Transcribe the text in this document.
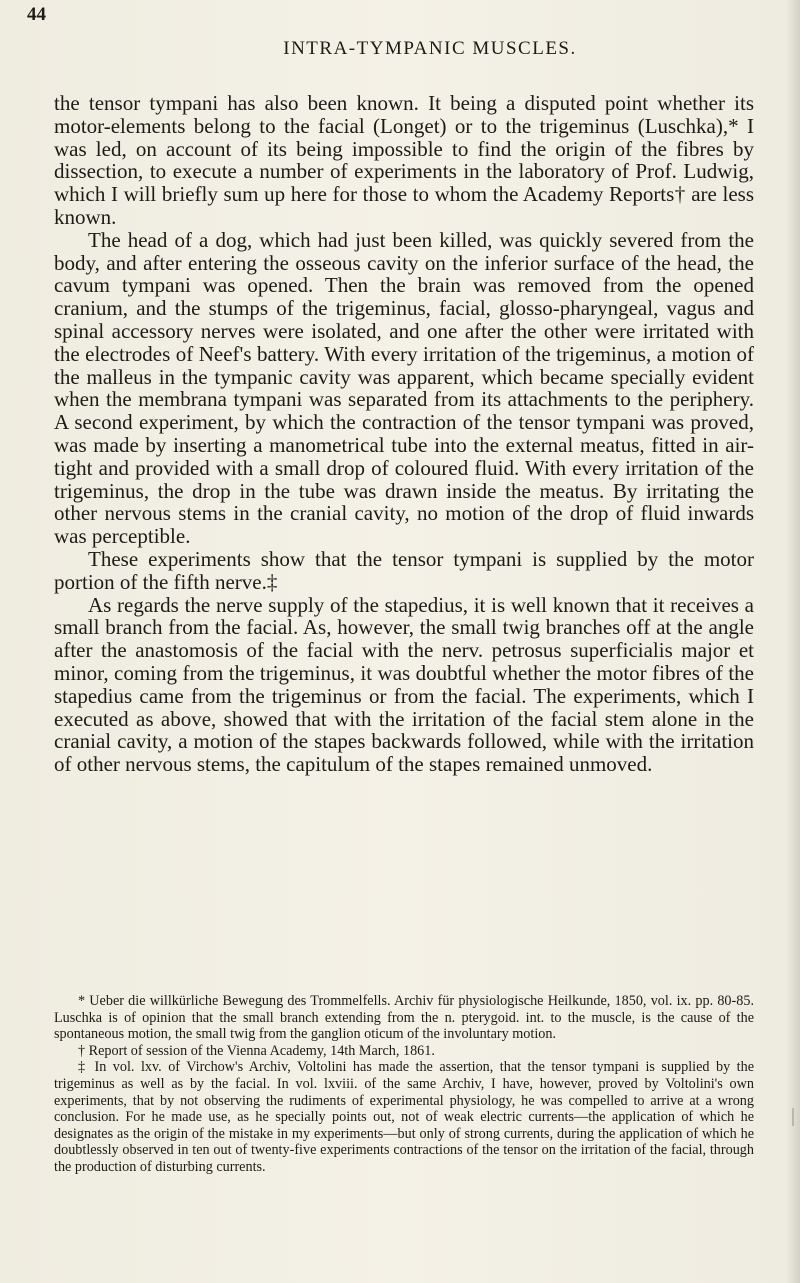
44
INTRA-TYMPANIC MUSCLES.

the tensor tympani has also been known. It being a disputed point whether its motor-elements belong to the facial (Longet) or to the trigeminus (Luschka),* I was led, on account of its being impossible to find the origin of the fibres by dissection, to execute a number of experiments in the laboratory of Prof. Ludwig, which I will briefly sum up here for those to whom the Academy Reports† are less known.

The head of a dog, which had just been killed, was quickly severed from the body, and after entering the osseous cavity on the inferior surface of the head, the cavum tympani was opened. Then the brain was removed from the opened cranium, and the stumps of the trigeminus, facial, glosso-pharyngeal, vagus and spinal accessory nerves were isolated, and one after the other were irritated with the electrodes of Neef's battery. With every irritation of the trigeminus, a motion of the malleus in the tympanic cavity was apparent, which became specially evident when the membrana tympani was separated from its attachments to the periphery. A second experiment, by which the contraction of the tensor tympani was proved, was made by inserting a manometrical tube into the external meatus, fitted in air-tight and provided with a small drop of coloured fluid. With every irritation of the trigeminus, the drop in the tube was drawn inside the meatus. By irritating the other nervous stems in the cranial cavity, no motion of the drop of fluid inwards was perceptible.

These experiments show that the tensor tympani is supplied by the motor portion of the fifth nerve.‡

As regards the nerve supply of the stapedius, it is well known that it receives a small branch from the facial. As, however, the small twig branches off at the angle after the anastomosis of the facial with the nerv. petrosus superficialis major et minor, coming from the trigeminus, it was doubtful whether the motor fibres of the stapedius came from the trigeminus or from the facial. The experiments, which I executed as above, showed that with the irritation of the facial stem alone in the cranial cavity, a motion of the stapes backwards followed, while with the irritation of other nervous stems, the capitulum of the stapes remained unmoved.

* Ueber die willkürliche Bewegung des Trommelfells. Archiv für physiologische Heilkunde, 1850, vol. ix. pp. 80-85. Luschka is of opinion that the small branch extending from the n. pterygoid. int. to the muscle, is the cause of the spontaneous motion, the small twig from the ganglion oticum of the involuntary motion.

† Report of session of the Vienna Academy, 14th March, 1861.

‡ In vol. lxv. of Virchow's Archiv, Voltolini has made the assertion, that the tensor tympani is supplied by the trigeminus as well as by the facial. In vol. lxviii. of the same Archiv, I have, however, proved by Voltolini's own experiments, that by not observing the rudiments of experimental physiology, he was compelled to arrive at a wrong conclusion. For he made use, as he specially points out, not of weak electric currents—the application of which he designates as the origin of the mistake in my experiments—but only of strong currents, during the application of which he doubtlessly observed in ten out of twenty-five experiments contractions of the tensor on the irritation of the facial, through the production of disturbing currents.
